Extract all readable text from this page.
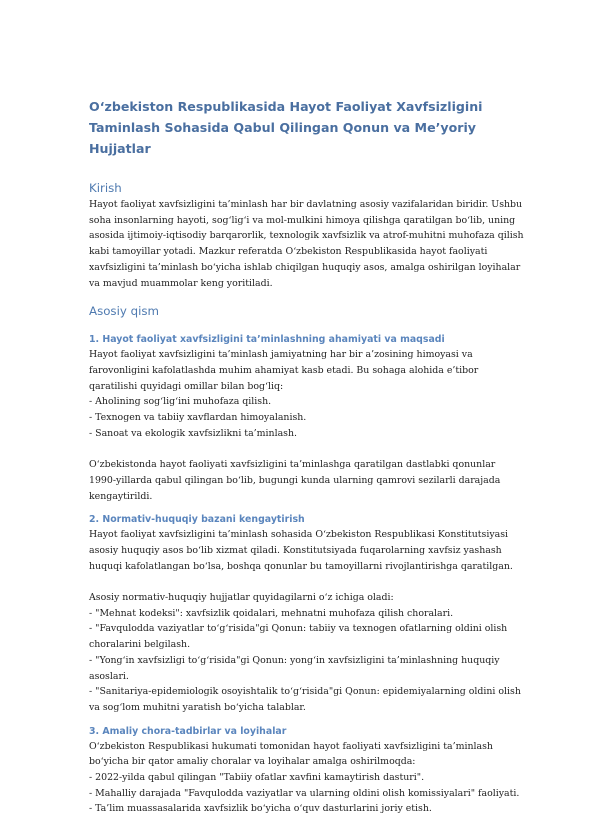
O‘zbekiston Respublikasida Hayot Faoliyat Xavfsizligini Taminlash Sohasida Qabul Qilingan Qonun va Me’yoriy Hujjatlar
Kirish

Hayot faoliyat xavfsizligini ta’minlash har bir davlatning asosiy vazifalaridan biridir. Ushbu soha insonlarning hayoti, sog‘lig‘i va mol-mulkini himoya qilishga qaratilgan bo‘lib, uning asosida ijtimoiy-iqtisodiy barqarorlik, texnologik xavfsizlik va atrof-muhitni muhofaza qilish kabi tamoyillar yotadi. Mazkur referatda O‘zbekiston Respublikasida hayot faoliyati xavfsizligini ta’minlash bo‘yicha ishlab chiqilgan huquqiy asos, amalga oshirilgan loyihalar va mavjud muammolar keng yoritiladi.

Asosiy qism
1. Hayot faoliyat xavfsizligini ta’minlashning ahamiyati va maqsadi

Hayot faoliyat xavfsizligini ta’minlash jamiyatning har bir a’zosining himoyasi va farovonligini kafolatlashda muhim ahamiyat kasb etadi. Bu sohaga alohida e’tibor qaratilishi quyidagi omillar bilan bog‘liq:

- Aholining sog‘lig‘ini muhofaza qilish.
- Texnogen va tabiiy xavflardan himoyalanish.
- Sanoat va ekologik xavfsizlikni ta’minlash.

O‘zbekistonda hayot faoliyati xavfsizligini ta’minlashga qaratilgan dastlabki qonunlar 1990-yillarda qabul qilingan bo‘lib, bugungi kunda ularning qamrovi sezilarli darajada kengaytirildi.

2. Normativ-huquqiy bazani kengaytirish

Hayot faoliyat xavfsizligini ta’minlash sohasida O‘zbekiston Respublikasi Konstitutsiyasi asosiy huquqiy asos bo‘lib xizmat qiladi. Konstitutsiyada fuqarolarning xavfsiz yashash huquqi kafolatlangan bo‘lsa, boshqa qonunlar bu tamoyillarni rivojlantirishga qaratilgan.

Asosiy normativ-huquqiy hujjatlar quyidagilarni o‘z ichiga oladi:

- "Mehnat kodeksi": xavfsizlik qoidalari, mehnatni muhofaza qilish choralari.
- "Favqulodda vaziyatlar to‘g‘risida"gi Qonun: tabiiy va texnogen ofatlarning oldini olish choralarini belgilash.
- "Yong‘in xavfsizligi to‘g‘risida"gi Qonun: yong‘in xavfsizligini ta’minlashning huquqiy asoslari.
- "Sanitariya-epidemiologik osoyishtalik to‘g‘risida"gi Qonun: epidemiyalarning oldini olish va sog‘lom muhitni yaratish bo‘yicha talablar.
3. Amaliy chora-tadbirlar va loyihalar

O‘zbekiston Respublikasi hukumati tomonidan hayot faoliyati xavfsizligini ta’minlash bo‘yicha bir qator amaliy choralar va loyihalar amalga oshirilmoqda:

- 2022-yilda qabul qilingan "Tabiiy ofatlar xavfini kamaytirish dasturi".
- Mahalliy darajada "Favqulodda vaziyatlar va ularning oldini olish komissiyalari" faoliyati.
- Ta’lim muassasalarida xavfsizlik bo‘yicha o‘quv dasturlarini joriy etish.
